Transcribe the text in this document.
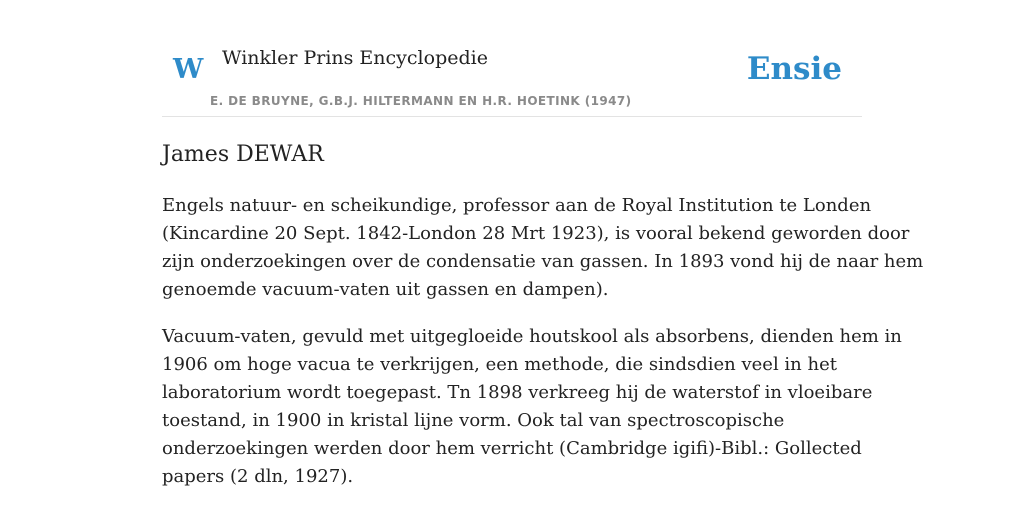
W Winkler Prins Encyclopedie
E. DE BRUYNE, G.B.J. HILTERMANN EN H.R. HOETINK (1947)
Ensie
James DEWAR

Engels natuur- en scheikundige, professor aan de Royal Institution te Londen
(Kincardine 20 Sept. 1842-London 28 Mrt 1923), is vooral bekend geworden door
zijn onderzoekingen over de condensatie van gassen. In 1893 vond hij de naar hem
genoemde vacuum-vaten uit gassen en dampen).

Vacuum-vaten, gevuld met uitgegloeide houtskool als absorbens, dienden hem in
1906 om hoge vacua te verkrijgen, een methode, die sindsdien veel in het
laboratorium wordt toegepast. Tn 1898 verkreeg hij de waterstof in vloeibare
toestand, in 1900 in kristal lijne vorm. Ook tal van spectroscopische
onderzoekingen werden door hem verricht (Cambridge igifi)-Bibl.: Gollected
papers (2 dln, 1927).
